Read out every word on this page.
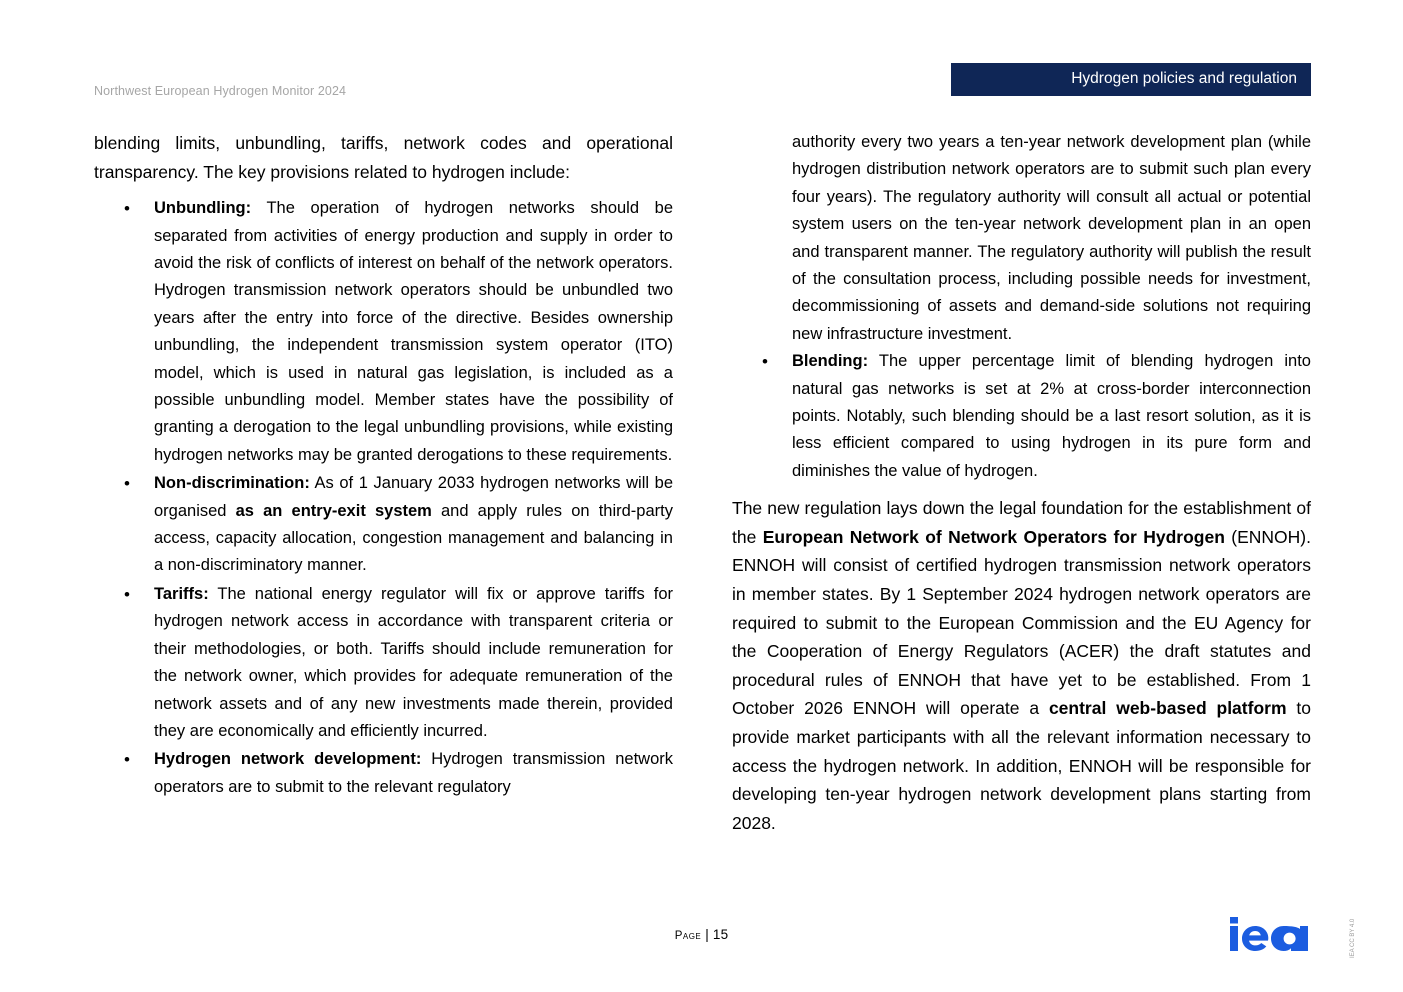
Northwest European Hydrogen Monitor 2024
Hydrogen policies and regulation

blending limits, unbundling, tariffs, network codes and operational transparency. The key provisions related to hydrogen include:

• Unbundling: The operation of hydrogen networks should be separated from activities of energy production and supply in order to avoid the risk of conflicts of interest on behalf of the network operators. Hydrogen transmission network operators should be unbundled two years after the entry into force of the directive. Besides ownership unbundling, the independent transmission system operator (ITO) model, which is used in natural gas legislation, is included as a possible unbundling model. Member states have the possibility of granting a derogation to the legal unbundling provisions, while existing hydrogen networks may be granted derogations to these requirements.
• Non-discrimination: As of 1 January 2033 hydrogen networks will be organised as an entry-exit system and apply rules on third-party access, capacity allocation, congestion management and balancing in a non-discriminatory manner.
• Tariffs: The national energy regulator will fix or approve tariffs for hydrogen network access in accordance with transparent criteria or their methodologies, or both. Tariffs should include remuneration for the network owner, which provides for adequate remuneration of the network assets and of any new investments made therein, provided they are economically and efficiently incurred.
• Hydrogen network development: Hydrogen transmission network operators are to submit to the relevant regulatory

authority every two years a ten-year network development plan (while hydrogen distribution network operators are to submit such plan every four years). The regulatory authority will consult all actual or potential system users on the ten-year network development plan in an open and transparent manner. The regulatory authority will publish the result of the consultation process, including possible needs for investment, decommissioning of assets and demand-side solutions not requiring new infrastructure investment.

• Blending: The upper percentage limit of blending hydrogen into natural gas networks is set at 2% at cross-border interconnection points. Notably, such blending should be a last resort solution, as it is less efficient compared to using hydrogen in its pure form and diminishes the value of hydrogen.

The new regulation lays down the legal foundation for the establishment of the European Network of Network Operators for Hydrogen (ENNOH). ENNOH will consist of certified hydrogen transmission network operators in member states. By 1 September 2024 hydrogen network operators are required to submit to the European Commission and the EU Agency for the Cooperation of Energy Regulators (ACER) the draft statutes and procedural rules of ENNOH that have yet to be established. From 1 October 2026 ENNOH will operate a central web-based platform to provide market participants with all the relevant information necessary to access the hydrogen network. In addition, ENNOH will be responsible for developing ten-year hydrogen network development plans starting from 2028.

Page | 15	IEA CC BY 4.0
